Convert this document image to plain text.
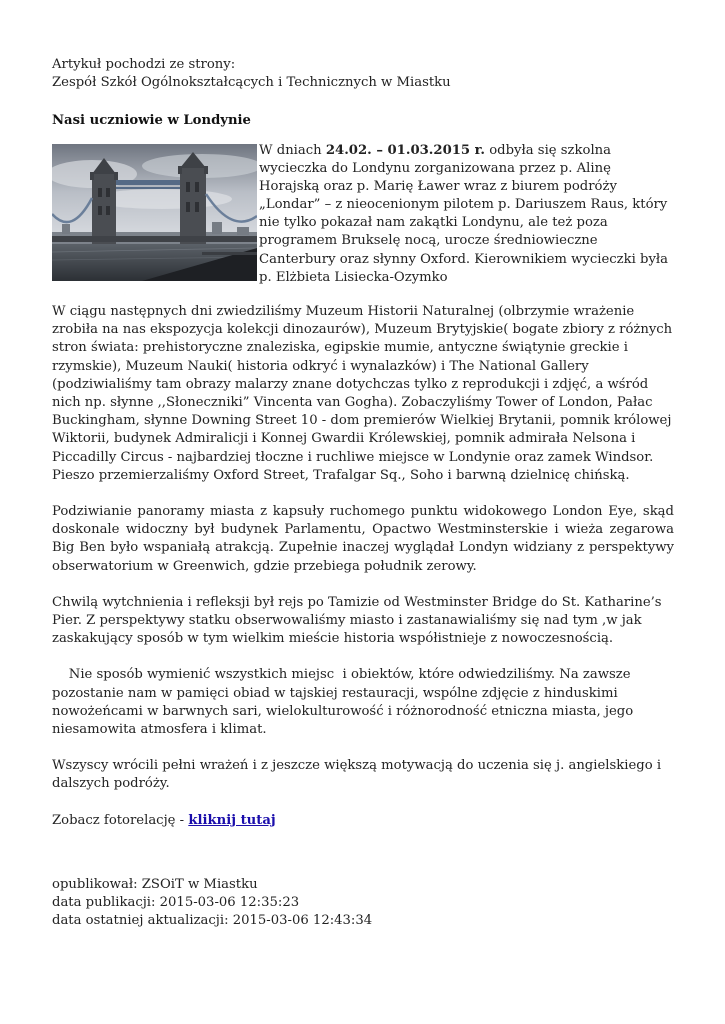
Artykuł pochodzi ze strony:

Zespół Szkół Ogólnokształcących i Technicznych w Miastku

Nasi uczniowie w Londynie

W dniach 24.02. – 01.03.2015 r. odbyła się szkolna wycieczka do Londynu zorganizowana przez p. Alinę Horajską oraz p. Marię Ławer wraz z biurem podróży „Londar” – z nieocenionym pilotem p. Dariuszem Raus, który nie tylko pokazał nam zakątki Londynu, ale też poza programem Brukselę nocą, urocze średniowieczne Canterbury oraz słynny Oxford. Kierownikiem wycieczki była p. Elżbieta Lisiecka-Ozymko

W ciągu następnych dni zwiedziliśmy Muzeum Historii Naturalnej (olbrzymie wrażenie zrobiła na nas ekspozycja kolekcji dinozaurów), Muzeum Brytyjskie( bogate zbiory z różnych stron świata: prehistoryczne znaleziska, egipskie mumie, antyczne świątynie greckie i rzymskie), Muzeum Nauki( historia odkryć i wynalazków) i The National Gallery (podziwialiśmy tam obrazy malarzy znane dotychczas tylko z reprodukcji i zdjęć, a wśród nich np. słynne ,,Słoneczniki” Vincenta van Gogha). Zobaczyliśmy Tower of London, Pałac Buckingham, słynne Downing Street 10 - dom premierów Wielkiej Brytanii, pomnik królowej Wiktorii, budynek Admiralicji i Konnej Gwardii Królewskiej, pomnik admirała Nelsona i Piccadilly Circus - najbardziej tłoczne i ruchliwe miejsce w Londynie oraz zamek Windsor. Pieszo przemierzaliśmy Oxford Street, Trafalgar Sq., Soho i barwną dzielnicę chińską.

Podziwianie panoramy miasta z kapsuły ruchomego punktu widokowego London Eye, skąd doskonale widoczny był budynek Parlamentu, Opactwo Westminsterskie i wieża zegarowa Big Ben było wspaniałą atrakcją. Zupełnie inaczej wyglądał Londyn widziany z perspektywy obserwatorium w Greenwich, gdzie przebiega południk zerowy.

Chwilą wytchnienia i refleksji był rejs po Tamizie od Westminster Bridge do St. Katharine’s Pier. Z perspektywy statku obserwowaliśmy miasto i zastanawialiśmy się nad tym ,w jak zaskakujący sposób w tym wielkim mieście historia współistnieje z nowoczesnością.

Nie sposób wymienić wszystkich miejsc  i obiektów, które odwiedziliśmy. Na zawsze pozostanie nam w pamięci obiad w tajskiej restauracji, wspólne zdjęcie z hinduskimi nowożeńcami w barwnych sari, wielokulturowość i różnorodność etniczna miasta, jego niesamowita atmosfera i klimat.

Wszyscy wrócili pełni wrażeń i z jeszcze większą motywacją do uczenia się j. angielskiego i dalszych podróży.

Zobacz fotorelację - kliknij tutaj

opublikował: ZSOiT w Miastku

data publikacji: 2015-03-06 12:35:23

data ostatniej aktualizacji: 2015-03-06 12:43:34
